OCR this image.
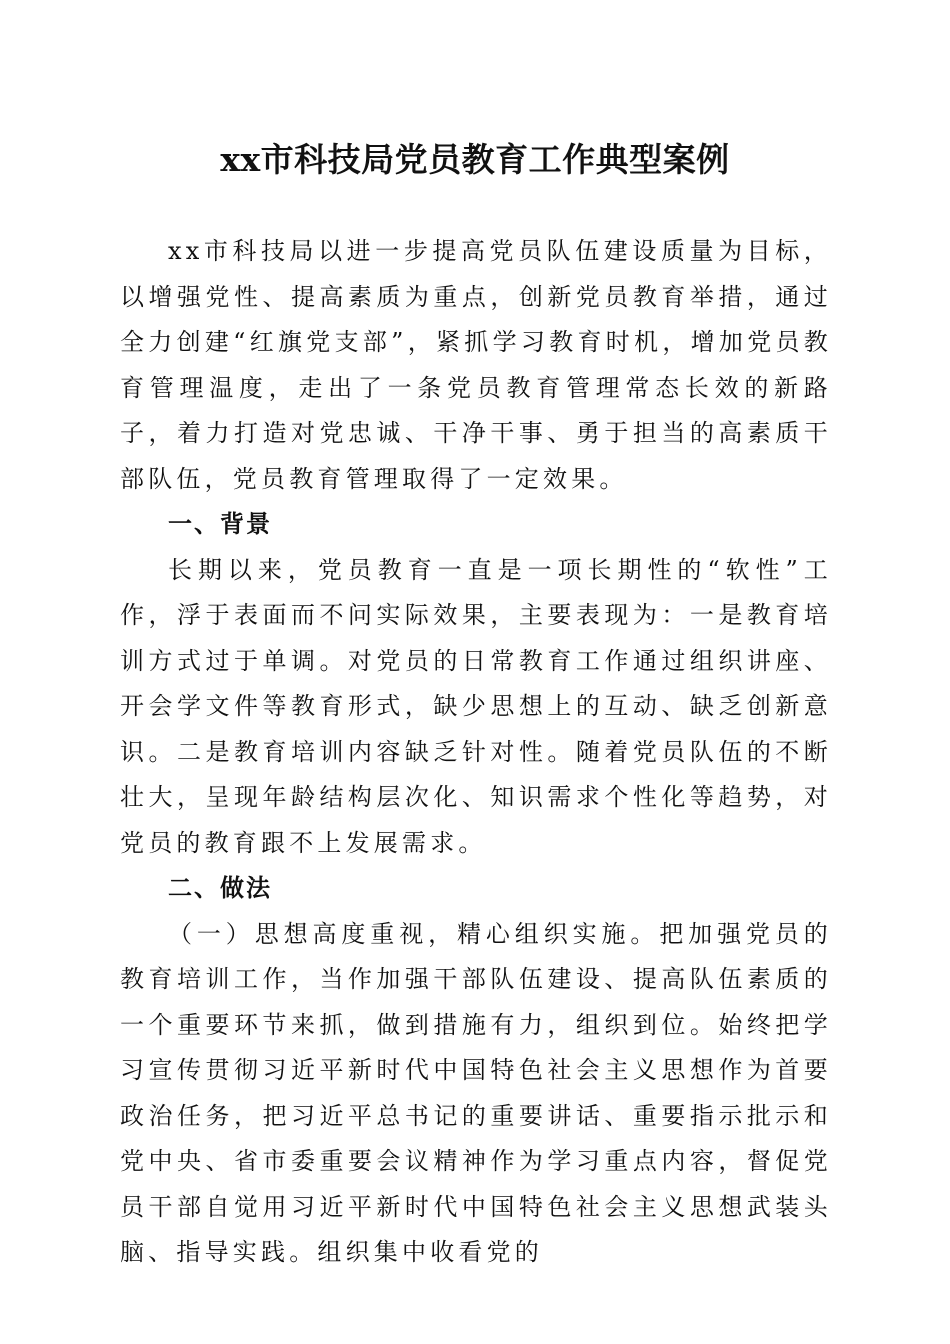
xx市科技局党员教育工作典型案例

xx市科技局以进一步提高党员队伍建设质量为目标，以增强党性、提高素质为重点，创新党员教育举措，通过全力创建“红旗党支部”，紧抓学习教育时机，增加党员教育管理温度，走出了一条党员教育管理常态长效的新路子，着力打造对党忠诚、干净干事、勇于担当的高素质干部队伍，党员教育管理取得了一定效果。

一、背景

长期以来，党员教育一直是一项长期性的“软性”工作，浮于表面而不问实际效果，主要表现为：一是教育培训方式过于单调。对党员的日常教育工作通过组织讲座、开会学文件等教育形式，缺少思想上的互动、缺乏创新意识。二是教育培训内容缺乏针对性。随着党员队伍的不断壮大，呈现年龄结构层次化、知识需求个性化等趋势，对党员的教育跟不上发展需求。

二、做法

（一）思想高度重视，精心组织实施。把加强党员的教育培训工作，当作加强干部队伍建设、提高队伍素质的一个重要环节来抓，做到措施有力，组织到位。始终把学习宣传贯彻习近平新时代中国特色社会主义思想作为首要政治任务，把习近平总书记的重要讲话、重要指示批示和党中央、省市委重要会议精神作为学习重点内容，督促党员干部自觉用习近平新时代中国特色社会主义思想武装头脑、指导实践。组织集中收看党的
